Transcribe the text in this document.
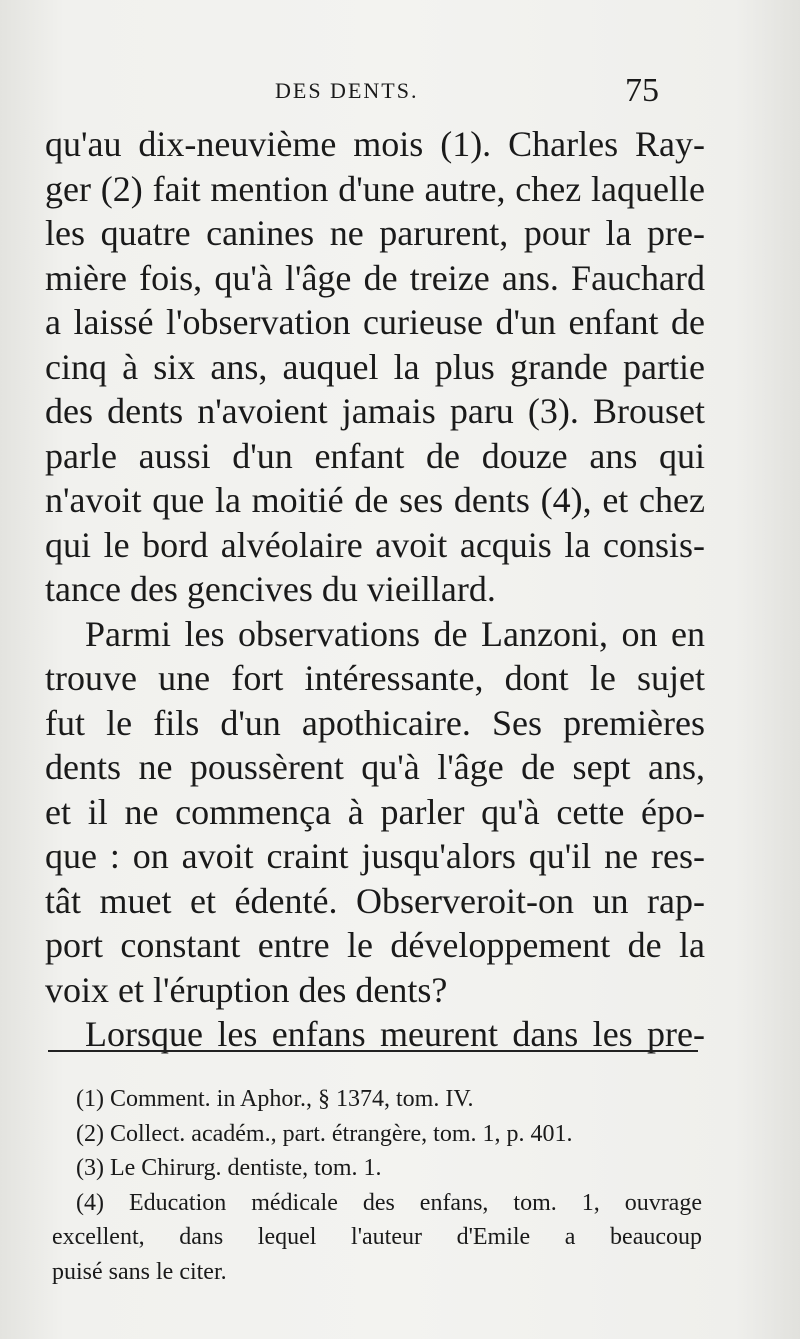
DES DENTS.	75
qu'au dix-neuvième mois (1). Charles Ray-
ger (2) fait mention d'une autre, chez laquelle
les quatre canines ne parurent, pour la pre-
mière fois, qu'à l'âge de treize ans. Fauchard
a laissé l'observation curieuse d'un enfant de
cinq à six ans, auquel la plus grande partie
des dents n'avoient jamais paru (3). Brouset
parle aussi d'un enfant de douze ans qui
n'avoit que la moitié de ses dents (4), et chez
qui le bord alvéolaire avoit acquis la consis-
tance des gencives du vieillard.
Parmi les observations de Lanzoni, on en
trouve une fort intéressante, dont le sujet
fut le fils d'un apothicaire. Ses premières
dents ne poussèrent qu'à l'âge de sept ans,
et il ne commença à parler qu'à cette épo-
que : on avoit craint jusqu'alors qu'il ne res-
tât muet et édenté. Observeroit-on un rap-
port constant entre le développement de la
voix et l'éruption des dents?
Lorsque les enfans meurent dans les pre-
(1) Comment. in Aphor., § 1374, tom. IV.
(2) Collect. académ., part. étrangère, tom. 1, p. 401.
(3) Le Chirurg. dentiste, tom. 1.
(4) Education médicale des enfans, tom. 1, ouvrage
excellent, dans lequel l'auteur d'Emile a beaucoup
puisé sans le citer.
